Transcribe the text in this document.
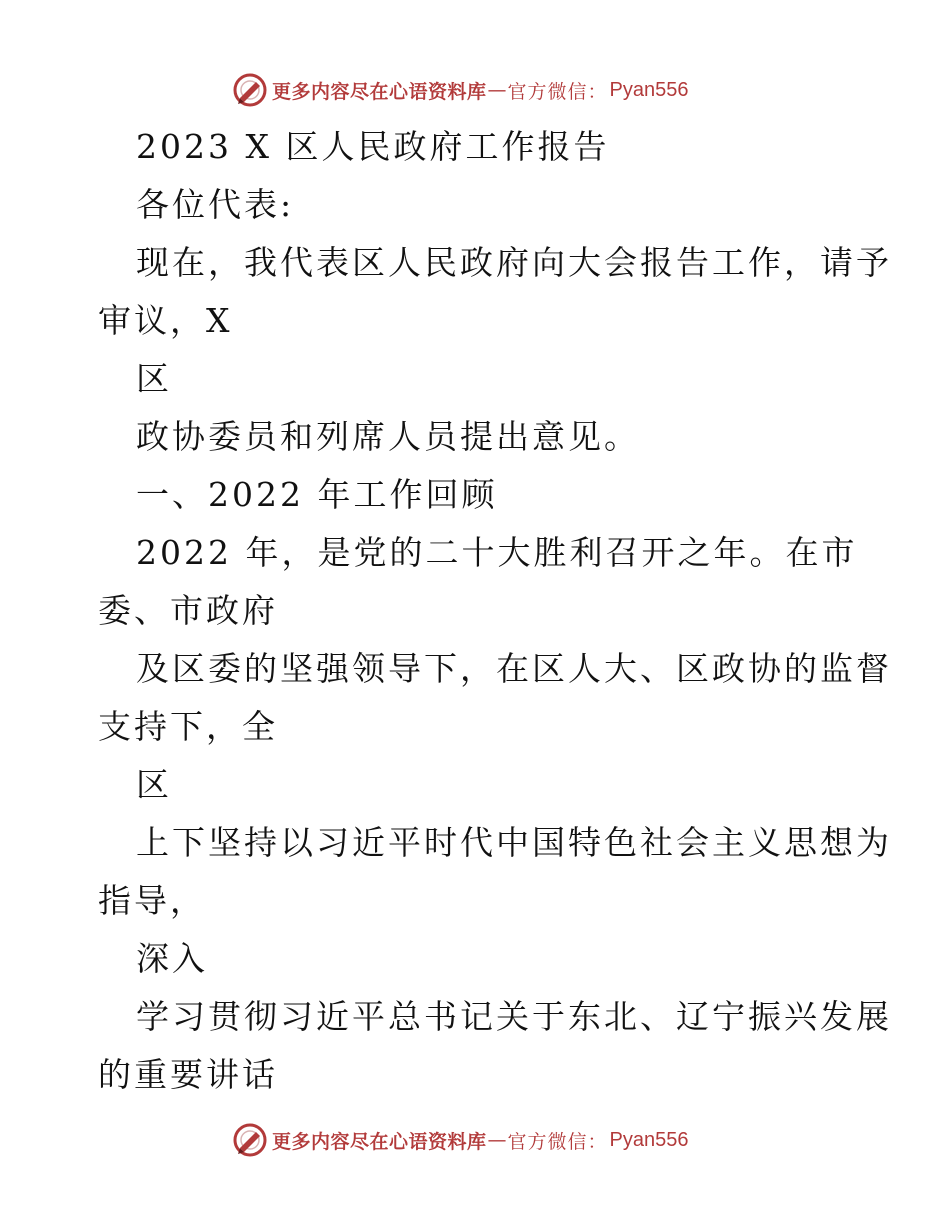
更多内容尽在心语资料库 — 官方微信： Pyan556
2023 X 区人民政府工作报告
各位代表:
现在，我代表区人民政府向大会报告工作，请予
审议，X
区
政协委员和列席人员提出意见。
一、2022 年工作回顾
2022 年，是党的二十大胜利召开之年。在市
委、市政府
及区委的坚强领导下，在区人大、区政协的监督
支持下，全
区
上下坚持以习近平时代中国特色社会主义思想为
指导，
深入
学习贯彻习近平总书记关于东北、辽宁振兴发展
的重要讲话
更多内容尽在心语资料库 — 官方微信： Pyan556
